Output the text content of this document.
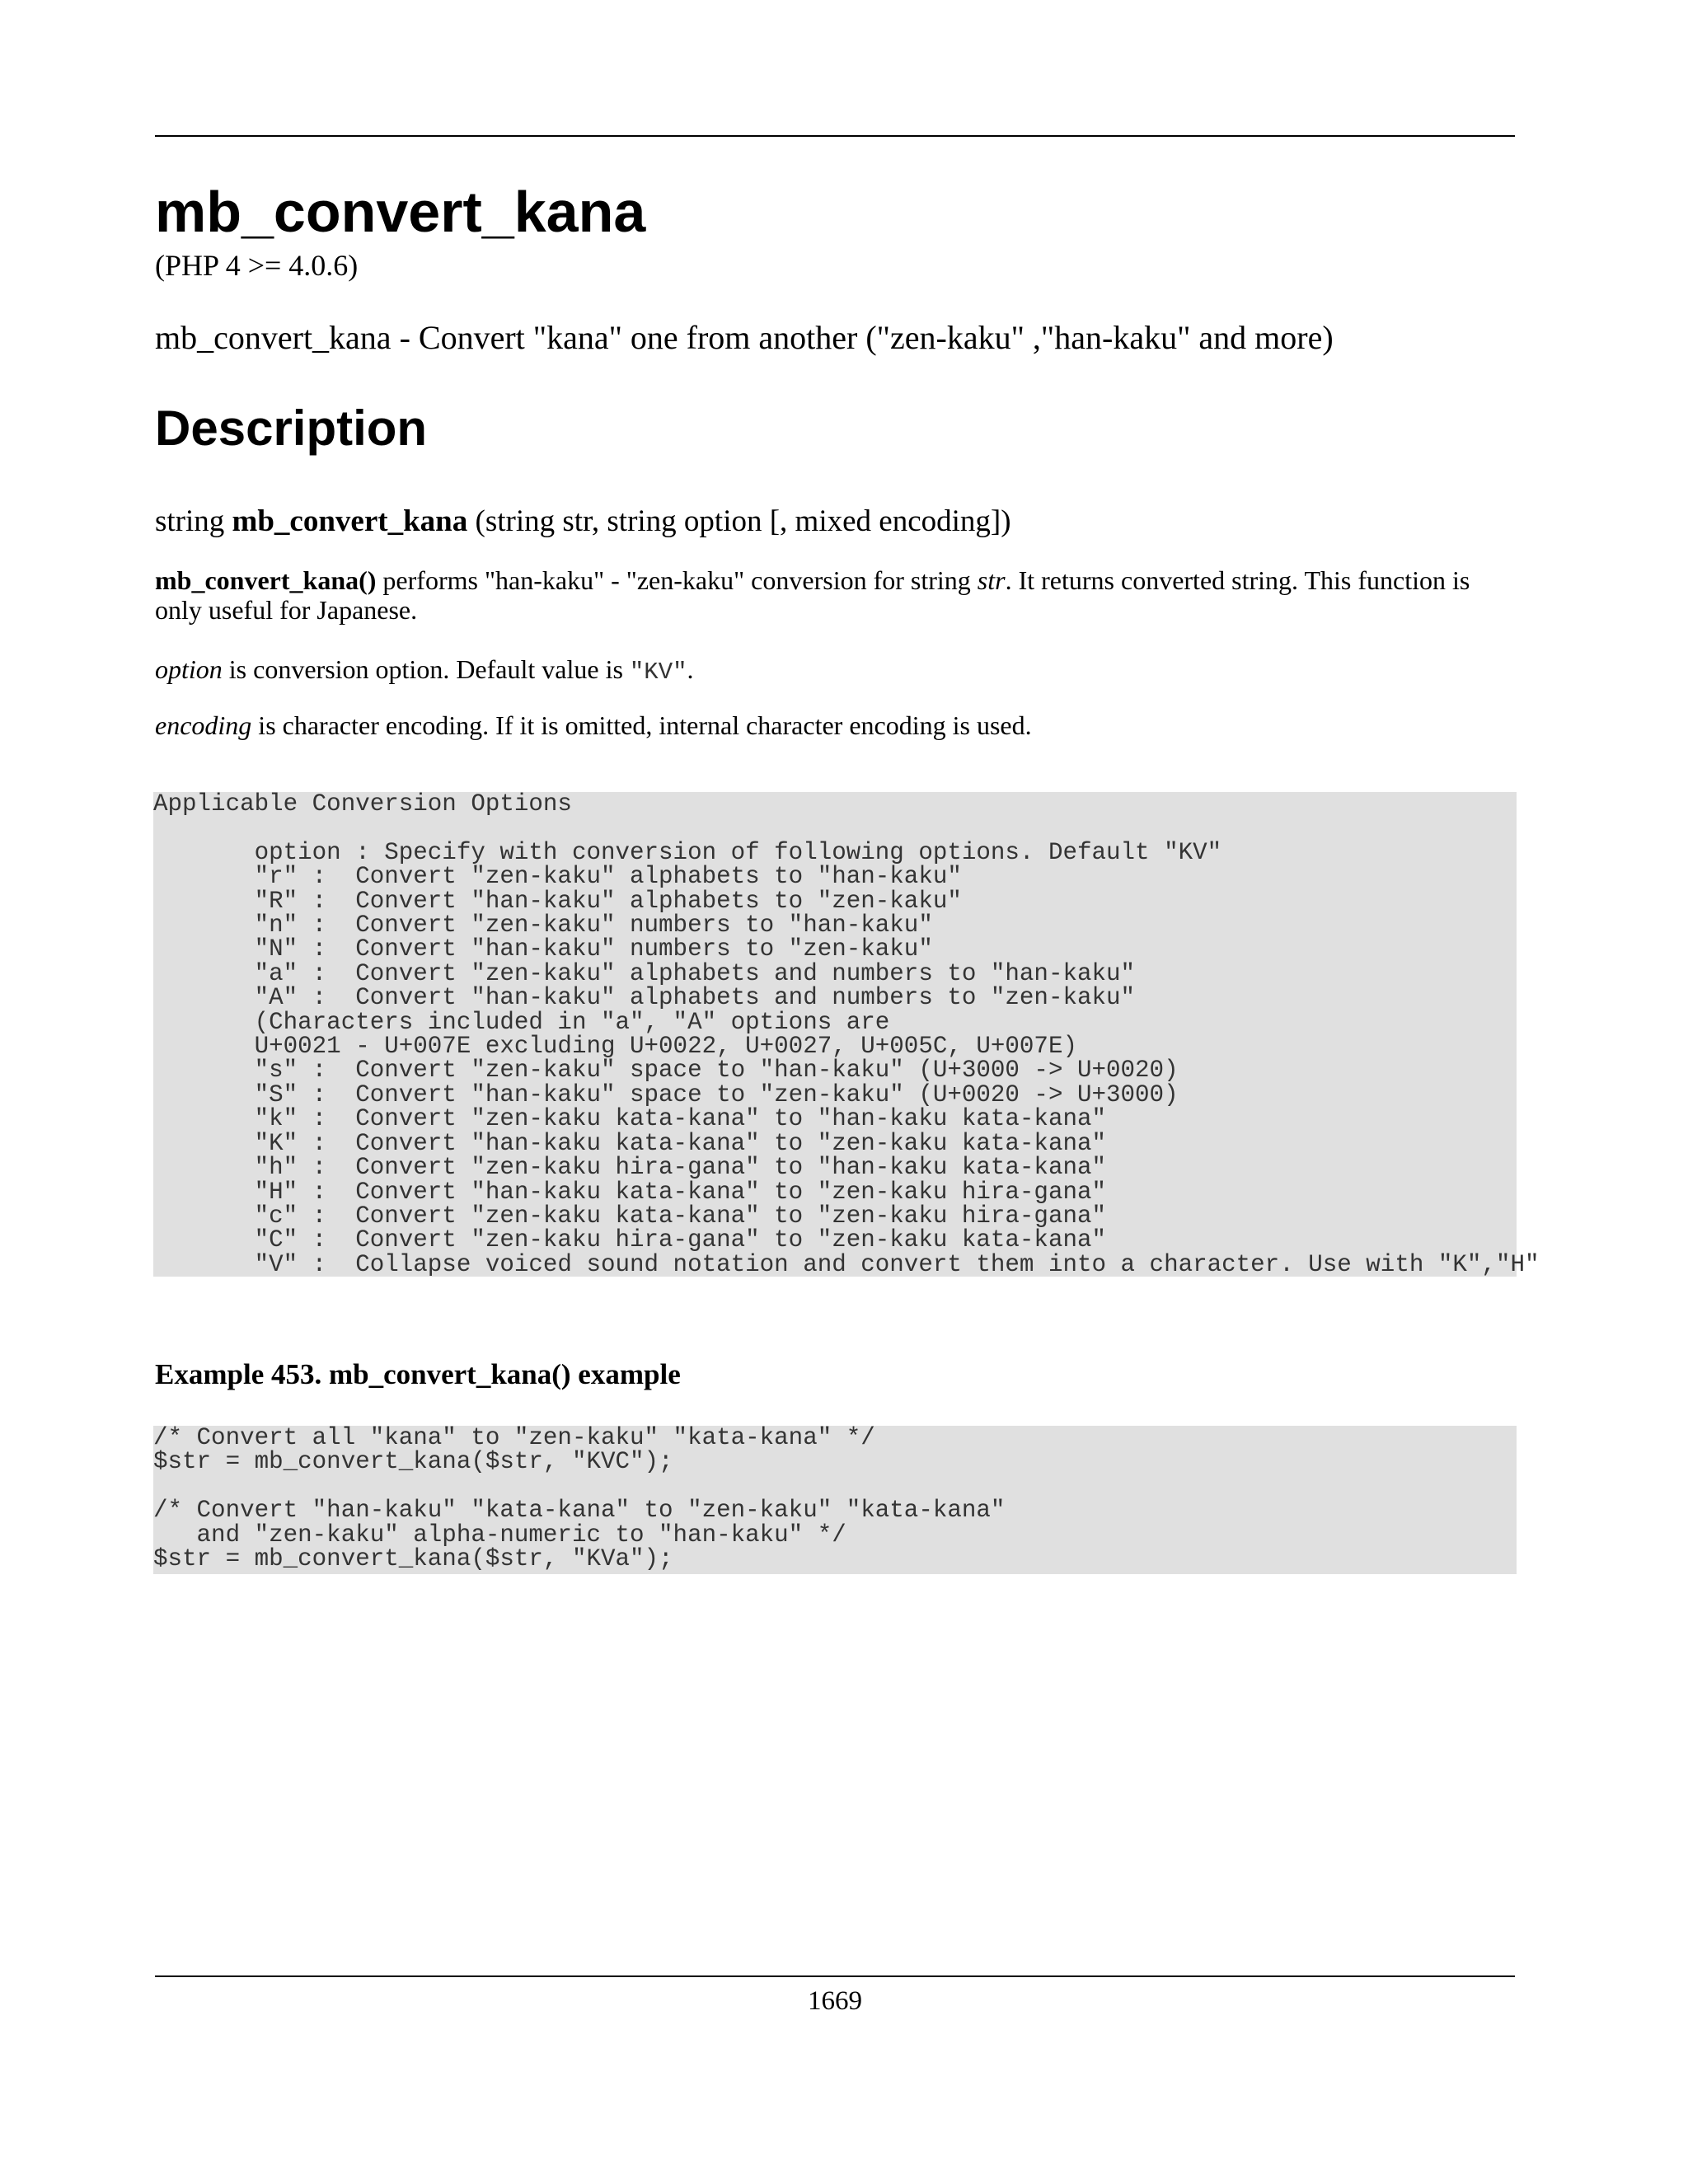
mb_convert_kana
(PHP 4 >= 4.0.6)
mb_convert_kana - Convert "kana" one from another ("zen-kaku" ,"han-kaku" and more)
Description
string mb_convert_kana (string str, string option [, mixed encoding])

mb_convert_kana() performs "han-kaku" - "zen-kaku" conversion for string str. It returns converted string. This function is only useful for Japanese.

option is conversion option. Default value is "KV".

encoding is character encoding. If it is omitted, internal character encoding is used.

Applicable Conversion Options

option : Specify with conversion of following options. Default "KV"
"r" :  Convert "zen-kaku" alphabets to "han-kaku"
"R" :  Convert "han-kaku" alphabets to "zen-kaku"
"n" :  Convert "zen-kaku" numbers to "han-kaku"
"N" :  Convert "han-kaku" numbers to "zen-kaku"
"a" :  Convert "zen-kaku" alphabets and numbers to "han-kaku"
"A" :  Convert "han-kaku" alphabets and numbers to "zen-kaku"
(Characters included in "a", "A" options are
U+0021 - U+007E excluding U+0022, U+0027, U+005C, U+007E)
"s" :  Convert "zen-kaku" space to "han-kaku" (U+3000 -> U+0020)
"S" :  Convert "han-kaku" space to "zen-kaku" (U+0020 -> U+3000)
"k" :  Convert "zen-kaku kata-kana" to "han-kaku kata-kana"
"K" :  Convert "han-kaku kata-kana" to "zen-kaku kata-kana"
"h" :  Convert "zen-kaku hira-gana" to "han-kaku kata-kana"
"H" :  Convert "han-kaku kata-kana" to "zen-kaku hira-gana"
"c" :  Convert "zen-kaku kata-kana" to "zen-kaku hira-gana"
"C" :  Convert "zen-kaku hira-gana" to "zen-kaku kata-kana"
"V" :  Collapse voiced sound notation and convert them into a character. Use with "K","H"
Example 453. mb_convert_kana() example
/* Convert all "kana" to "zen-kaku" "kata-kana" */
$str = mb_convert_kana($str, "KVC");

/* Convert "han-kaku" "kata-kana" to "zen-kaku" "kata-kana"
and "zen-kaku" alpha-numeric to "han-kaku" */
$str = mb_convert_kana($str, "KVa");
1669
